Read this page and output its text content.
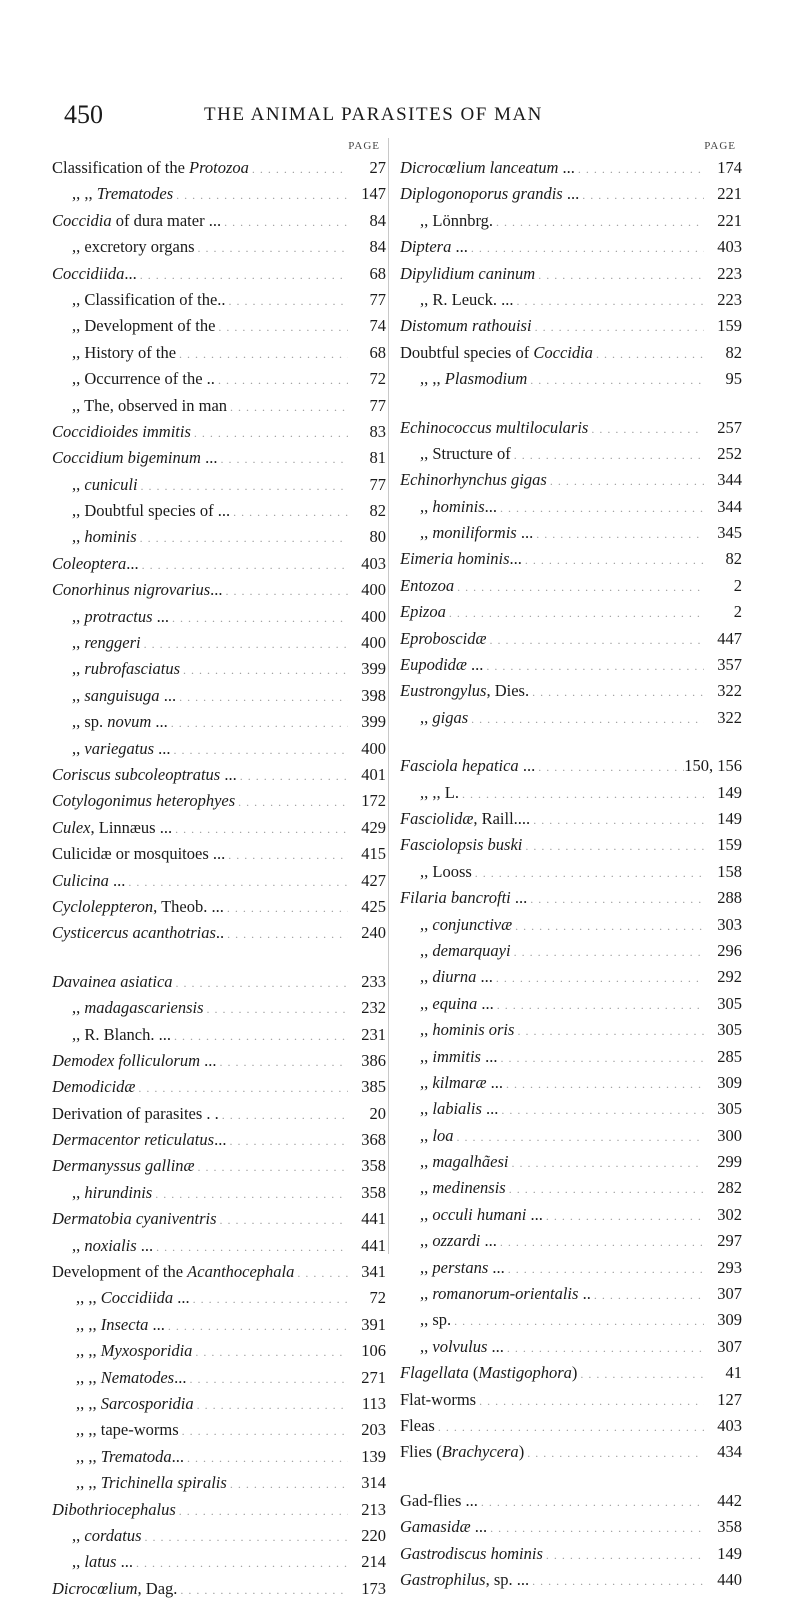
450	THE ANIMAL PARASITES OF MAN
PAGE
Classification of the Protozoa .....	27
,, ,, Trematodes .....	147
Coccidia of dura mater ... .....	84
,, excretory organs .....	84
Coccidiida... .....	68
,, Classification of the.. .....	77
,, Development of the .....	74
,, History of the .....	68
,, Occurrence of the .. .....	72
,, The, observed in man .....	77
Coccidioides immitis .....	83
Coccidium bigeminum ... .....	81
,, cuniculi .....	77
,, Doubtful species of ... .....	82
,, hominis .....	80
Coleoptera... .....	403
Conorhinus nigrovarius... .....	400
,, protractus ... .....	400
,, renggeri .....	400
,, rubrofasciatus .....	399
,, sanguisuga ... .....	398
,, sp. novum ... .....	399
,, variegatus ... .....	400
Coriscus subcoleoptratus ... .....	401
Cotylogonimus heterophyes .....	172
Culex, Linnæus ... .....	429
Culicidæ or mosquitoes ... .....	415
Culicina ... .....	427
Cycloleppteron, Theob. ... .....	425
Cysticercus acanthotrias.. .....	240
Davainea asiatica .....	233
,, madagascariensis .....	232
,, R. Blanch. ... .....	231
Demodex folliculorum ... .....	386
Demodicidæ .....	385
Derivation of parasites . . .....	20
Dermacentor reticulatus... .....	368
Dermanyssus gallinæ .....	358
,, hirundinis .....	358
Dermatobia cyaniventris .....	441
,, noxialis ... .....	441
Development of the Acanthocephala .....	341
,, ,, Coccidiida ... .....	72
,, ,, Insecta ... .....	391
,, ,, Myxosporidia .....	106
,, ,, Nematodes... .....	271
,, ,, Sarcosporidia .....	113
,, ,, tape-worms .....	203
,, ,, Trematoda... .....	139
,, ,, Trichinella spiralis .....	314
Dibothriocephalus .....	213
,, cordatus .....	220
,, latus ... .....	214
Dicrocœlium, Dag. .....	173
PAGE
Dicrocœlium lanceatum ... .....	174
Diplogonoporus grandis ... .....	221
,, Lönnbrg. .....	221
Diptera ... .....	403
Dipylidium caninum .....	223
,, R. Leuck. ... .....	223
Distomum rathouisi .....	159
Doubtful species of Coccidia .....	82
,, ,, Plasmodium .....	95
Echinococcus multilocularis .....	257
,, Structure of .....	252
Echinorhynchus gigas .....	344
,, hominis... .....	344
,, moniliformis ... .....	345
Eimeria hominis... .....	82
Entozoa .....	2
Epizoa .....	2
Eproboscidæ .....	447
Eupodidæ ... .....	357
Eustrongylus, Dies. .....	322
,, gigas .....	322
Fasciola hepatica ... .....	150, 156
,, ,, L. .....	149
Fasciolidæ, Raill.... .....	149
Fasciolopsis buski .....	159
,, Looss .....	158
Filaria bancrofti ... .....	288
,, conjunctivæ .....	303
,, demarquayi .....	296
,, diurna ... .....	292
,, equina ... .....	305
,, hominis oris .....	305
,, immitis ... .....	285
,, kilmaræ ... .....	309
,, labialis ... .....	305
,, loa .....	300
,, magalhãesi .....	299
,, medinensis .....	282
,, occuli humani ... .....	302
,, ozzardi ... .....	297
,, perstans ... .....	293
,, romanorum-orientalis .. .....	307
,, sp. .....	309
,, volvulus ... .....	307
Flagellata (Mastigophora) .....	41
Flat-worms .....	127
Fleas .....	403
Flies (Brachycera) .....	434
Gad-flies ... .....	442
Gamasidæ ... .....	358
Gastrodiscus hominis .....	149
Gastrophilus, sp. ... .....	440
